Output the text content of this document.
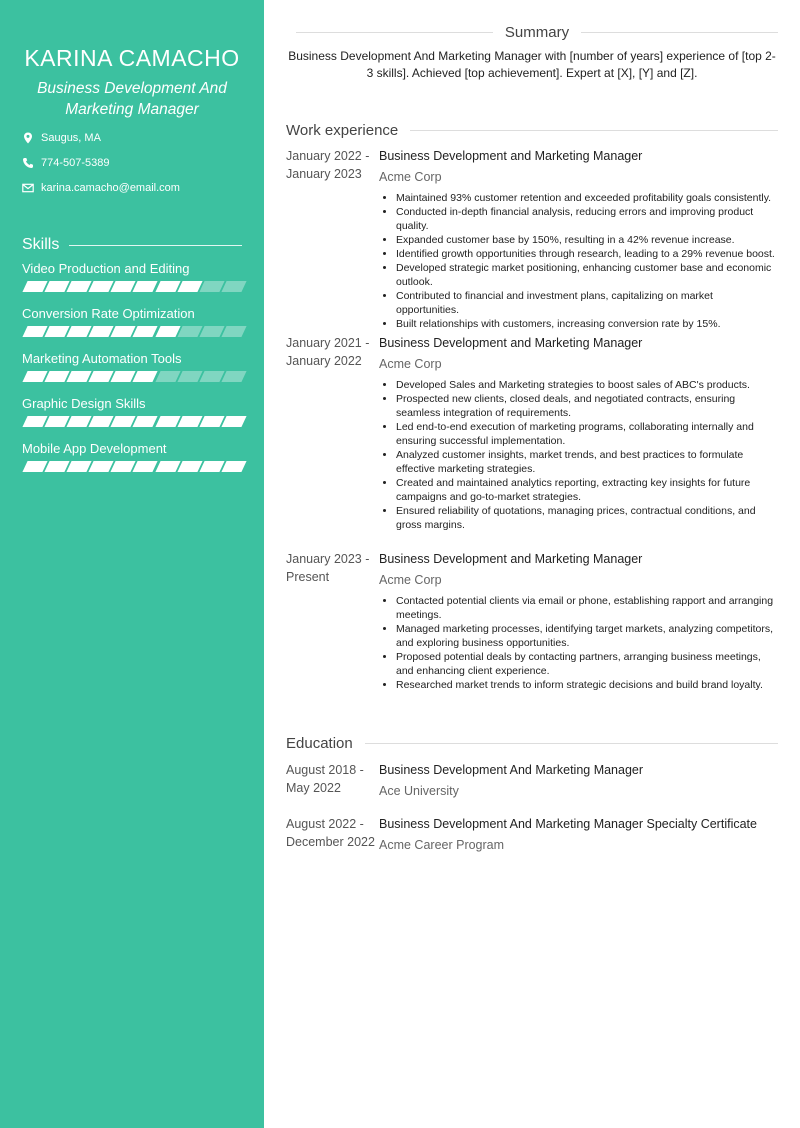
KARINA CAMACHO
Business Development And Marketing Manager
Saugus, MA
774-507-5389
karina.camacho@email.com
Skills
Video Production and Editing
Conversion Rate Optimization
Marketing Automation Tools
Graphic Design Skills
Mobile App Development
Summary
Business Development And Marketing Manager with [number of years] experience of [top 2-3 skills]. Achieved [top achievement]. Expert at [X], [Y] and [Z].
Work experience
January 2022 -
January 2023
Business Development and Marketing Manager
Acme Corp
• Maintained 93% customer retention and exceeded profitability goals consistently.
• Conducted in-depth financial analysis, reducing errors and improving product quality.
• Expanded customer base by 150%, resulting in a 42% revenue increase.
• Identified growth opportunities through research, leading to a 29% revenue boost.
• Developed strategic market positioning, enhancing customer base and economic outlook.
• Contributed to financial and investment plans, capitalizing on market opportunities.
• Built relationships with customers, increasing conversion rate by 15%.
January 2021 -
January 2022
Business Development and Marketing Manager
Acme Corp
• Developed Sales and Marketing strategies to boost sales of ABC's products.
• Prospected new clients, closed deals, and negotiated contracts, ensuring seamless integration of requirements.
• Led end-to-end execution of marketing programs, collaborating internally and ensuring successful implementation.
• Analyzed customer insights, market trends, and best practices to formulate effective marketing strategies.
• Created and maintained analytics reporting, extracting key insights for future campaigns and go-to-market strategies.
• Ensured reliability of quotations, managing prices, contractual conditions, and gross margins.
January 2023 -
Present
Business Development and Marketing Manager
Acme Corp
• Contacted potential clients via email or phone, establishing rapport and arranging meetings.
• Managed marketing processes, identifying target markets, analyzing competitors, and exploring business opportunities.
• Proposed potential deals by contacting partners, arranging business meetings, and enhancing client experience.
• Researched market trends to inform strategic decisions and build brand loyalty.
Education
August 2018 -
May 2022
Business Development And Marketing Manager
Ace University
August 2022 -
December 2022
Business Development And Marketing Manager Specialty Certificate
Acme Career Program
